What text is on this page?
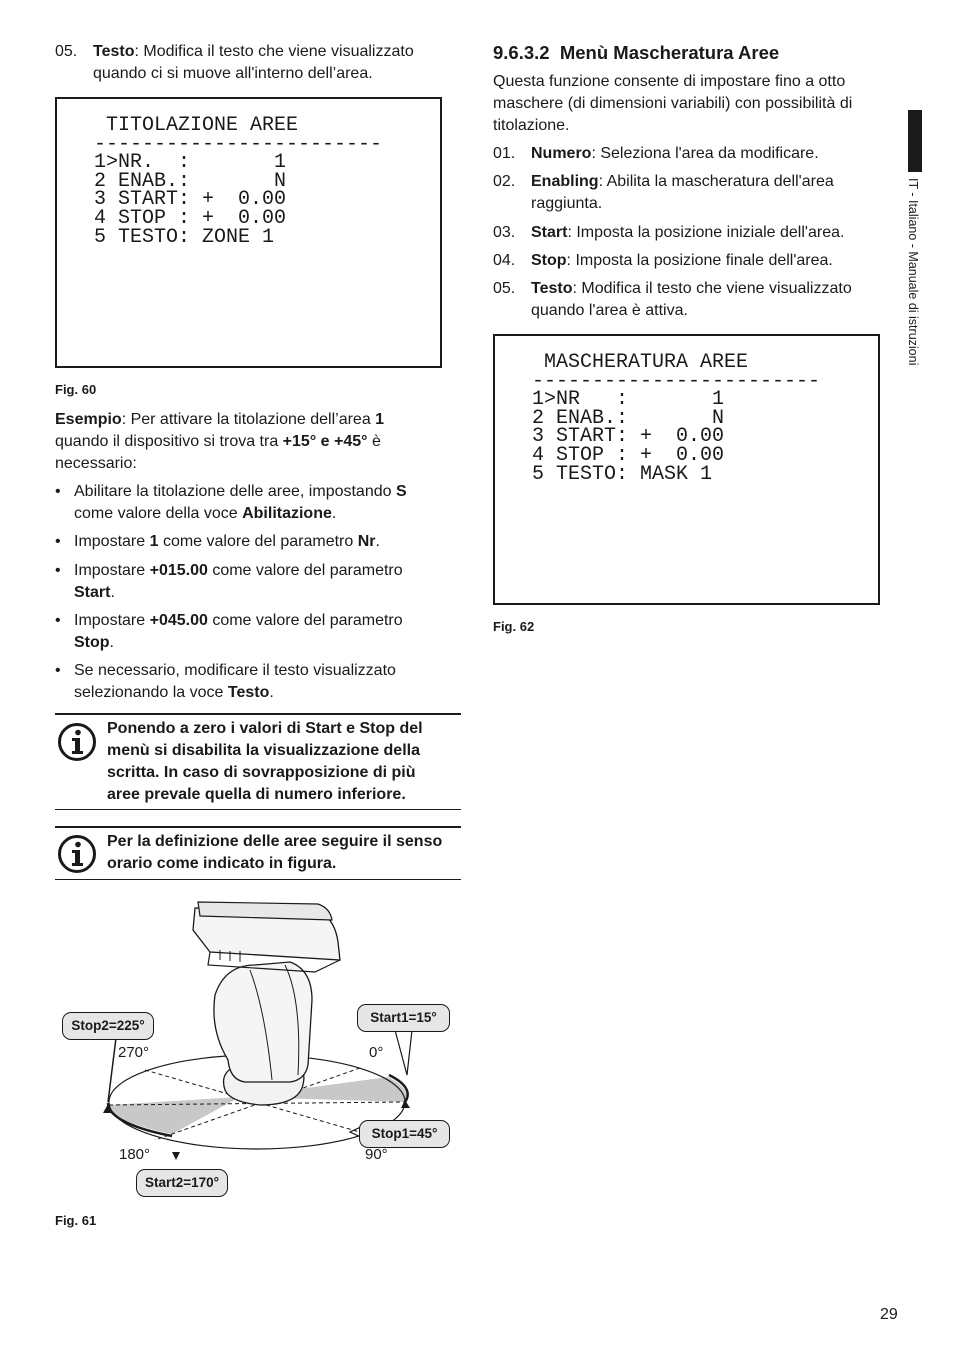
05. Testo: Modifica il testo che viene visualizzato quando ci si muove all'interno dell’area.
TITOLAZIONE AREE
------------------------
1>NR.  :       1
2 ENAB.:       N
3 START: +  0.00
4 STOP : +  0.00
5 TESTO: ZONE 1
Fig. 60
Esempio: Per attivare la titolazione dell’area 1 quando il dispositivo si trova tra +15° e +45° è necessario:
• Abilitare la titolazione delle aree, impostando S come valore della voce Abilitazione.
• Impostare 1 come valore del parametro Nr.
• Impostare +015.00 come valore del parametro Start.
• Impostare +045.00 come valore del parametro Stop.
• Se necessario, modificare il testo visualizzato selezionando la voce Testo.
Ponendo a zero i valori di Start e Stop del menù si disabilita la visualizzazione della scritta. In caso di sovrapposizione di più aree prevale quella di numero inferiore.
Per la definizione delle aree seguire il senso orario come indicato in figura.
Stop2=225°
Start1=15°
Stop1=45°
Start2=170°
270°	0°
180°	90°
Fig. 61
9.6.3.2  Menù Mascheratura Aree
Questa funzione consente di impostare fino a otto maschere (di dimensioni variabili) con possibilità di titolazione.
01. Numero: Seleziona l'area da modificare.
02. Enabling: Abilita la mascheratura dell'area raggiunta.
03. Start: Imposta la posizione iniziale dell'area.
04. Stop: Imposta la posizione finale dell'area.
05. Testo: Modifica il testo che viene visualizzato quando l'area è attiva.
MASCHERATURA AREE
------------------------
1>NR   :       1
2 ENAB.:       N
3 START: +  0.00
4 STOP : +  0.00
5 TESTO: MASK 1
Fig. 62
IT - Italiano - Manuale di istruzioni
29
